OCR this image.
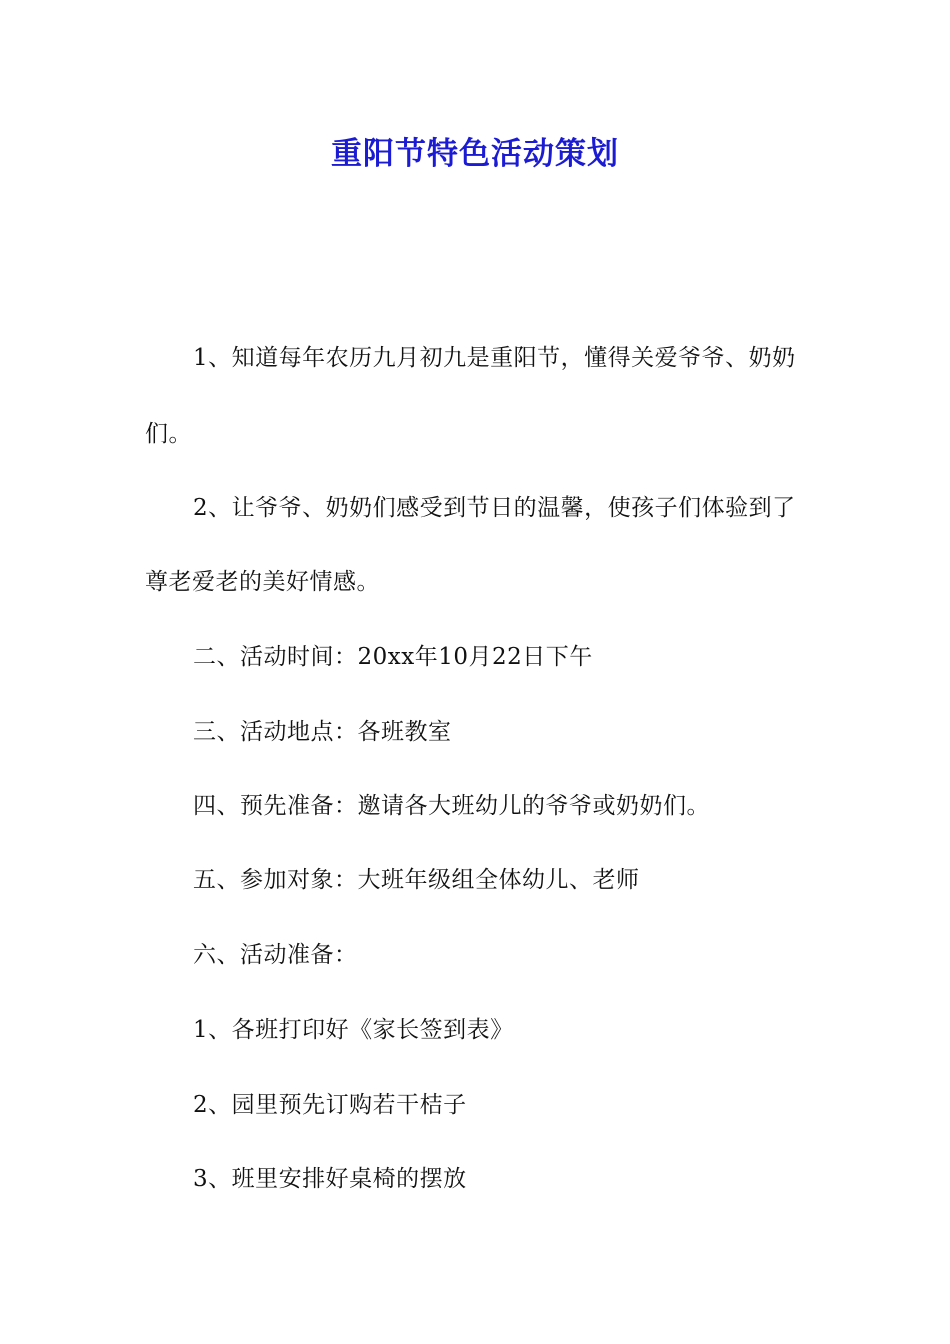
重阳节特色活动策划
1、知道每年农历九月初九是重阳节，懂得关爱爷爷、奶奶
们。
2、让爷爷、奶奶们感受到节日的温馨，使孩子们体验到了
尊老爱老的美好情感。
二、活动时间：20xx年10月22日下午
三、活动地点：各班教室
四、预先准备：邀请各大班幼儿的爷爷或奶奶们。
五、参加对象：大班年级组全体幼儿、老师
六、活动准备：
1、各班打印好《家长签到表》
2、园里预先订购若干桔子
3、班里安排好桌椅的摆放
